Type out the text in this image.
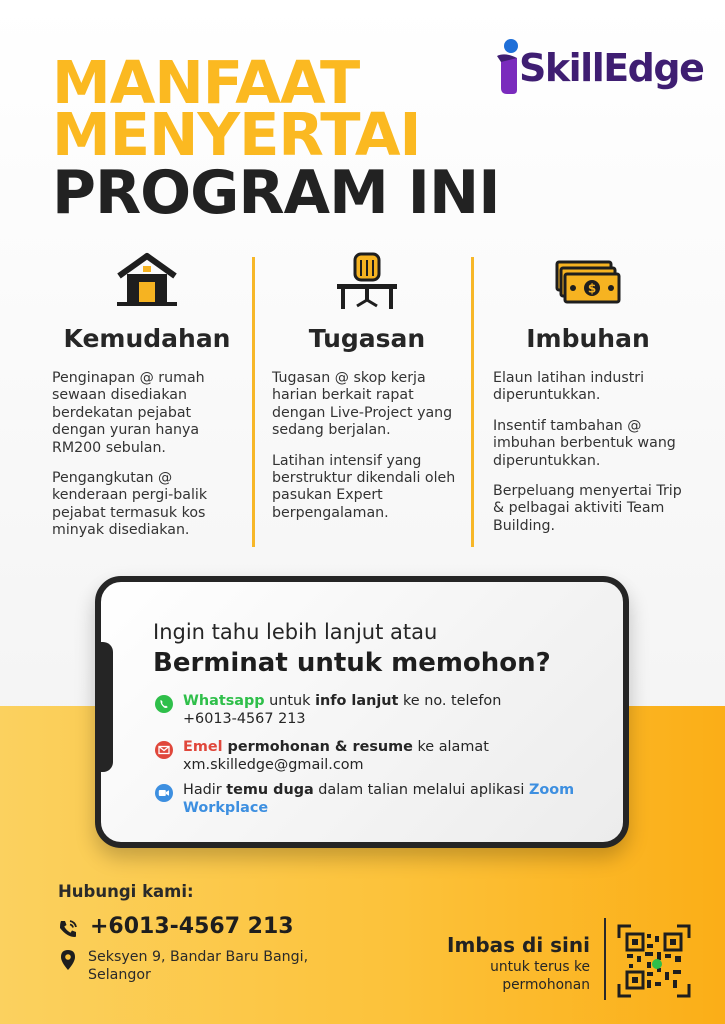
SkillEdge
MANFAAT
MENYERTAI
PROGRAM INI
Kemudahan

Penginapan @ rumah sewaan disediakan berdekatan pejabat dengan yuran hanya RM200 sebulan.

Pengangkutan @ kenderaan pergi-balik pejabat termasuk kos minyak disediakan.

Tugasan

Tugasan @ skop kerja harian berkait rapat dengan Live-Project yang sedang berjalan.

Latihan intensif yang berstruktur dikendali oleh pasukan Expert berpengalaman.

$
Imbuhan

Elaun latihan industri diperuntukkan.

Insentif tambahan @ imbuhan berbentuk wang diperuntukkan.

Berpeluang menyertai Trip & pelbagai aktiviti Team Building.

Ingin tahu lebih lanjut atau
Berminat untuk memohon?
Whatsapp untuk info lanjut ke no. telefon
+6013-4567 213
Emel permohonan & resume ke alamat
xm.skilledge@gmail.com
Hadir temu duga dalam talian melalui aplikasi Zoom Workplace
Hubungi kami:
+6013-4567 213
Seksyen 9, Bandar Baru Bangi, Selangor
Imbas di sini
untuk terus ke permohonan
